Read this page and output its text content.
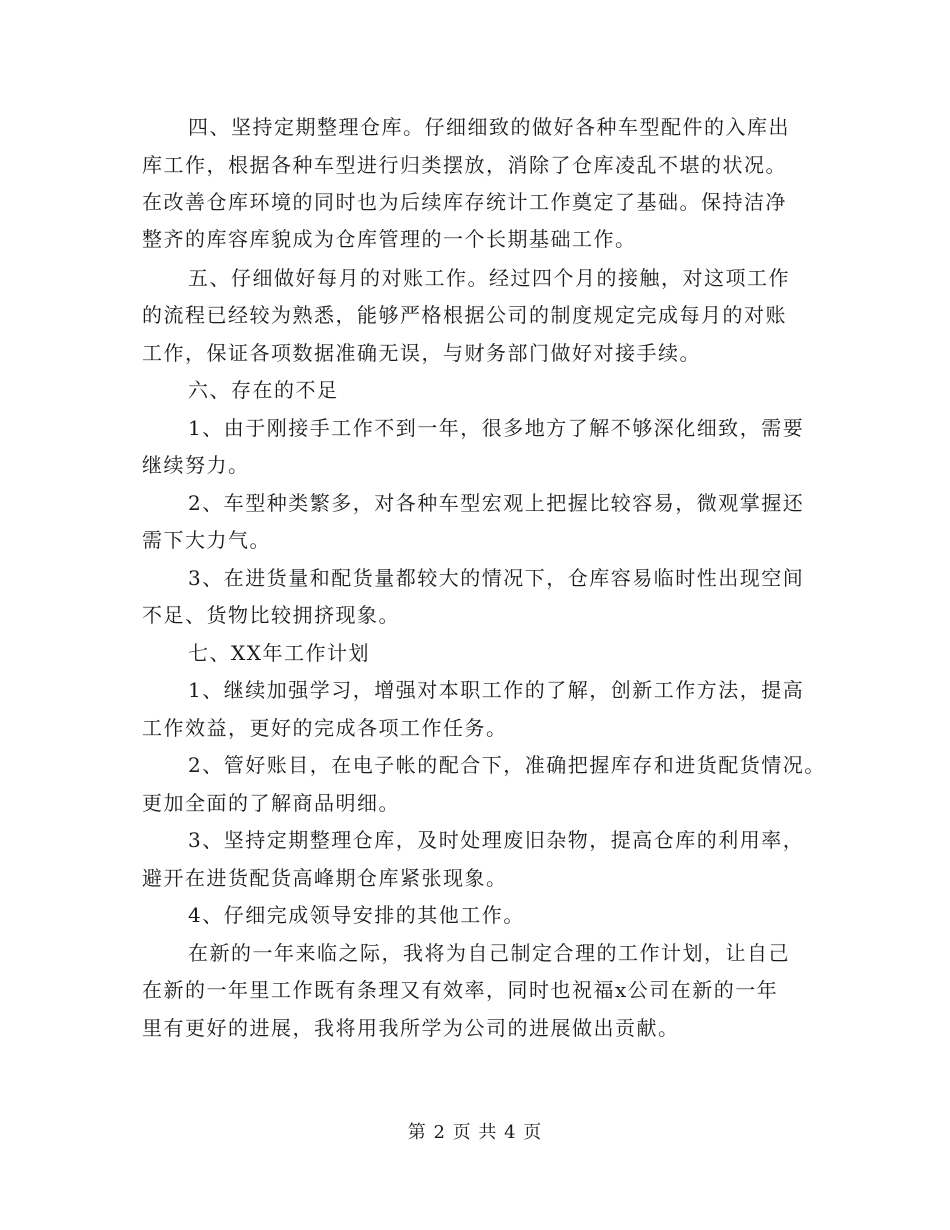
四、坚持定期整理仓库。仔细细致的做好各种车型配件的入库出
库工作，根据各种车型进行归类摆放，消除了仓库凌乱不堪的状况。
在改善仓库环境的同时也为后续库存统计工作奠定了基础。保持洁净
整齐的库容库貌成为仓库管理的一个长期基础工作。
五、仔细做好每月的对账工作。经过四个月的接触，对这项工作
的流程已经较为熟悉，能够严格根据公司的制度规定完成每月的对账
工作，保证各项数据准确无误，与财务部门做好对接手续。
六、存在的不足
1、由于刚接手工作不到一年，很多地方了解不够深化细致，需要
继续努力。
2、车型种类繁多，对各种车型宏观上把握比较容易，微观掌握还
需下大力气。
3、在进货量和配货量都较大的情况下，仓库容易临时性出现空间
不足、货物比较拥挤现象。
七、XX年工作计划
1、继续加强学习，增强对本职工作的了解，创新工作方法，提高
工作效益，更好的完成各项工作任务。
2、管好账目，在电子帐的配合下，准确把握库存和进货配货情况。
更加全面的了解商品明细。
3、坚持定期整理仓库，及时处理废旧杂物，提高仓库的利用率，
避开在进货配货高峰期仓库紧张现象。
4、仔细完成领导安排的其他工作。
在新的一年来临之际，我将为自己制定合理的工作计划，让自己
在新的一年里工作既有条理又有效率，同时也祝福x公司在新的一年
里有更好的进展，我将用我所学为公司的进展做出贡献。
第 2 页 共 4 页
